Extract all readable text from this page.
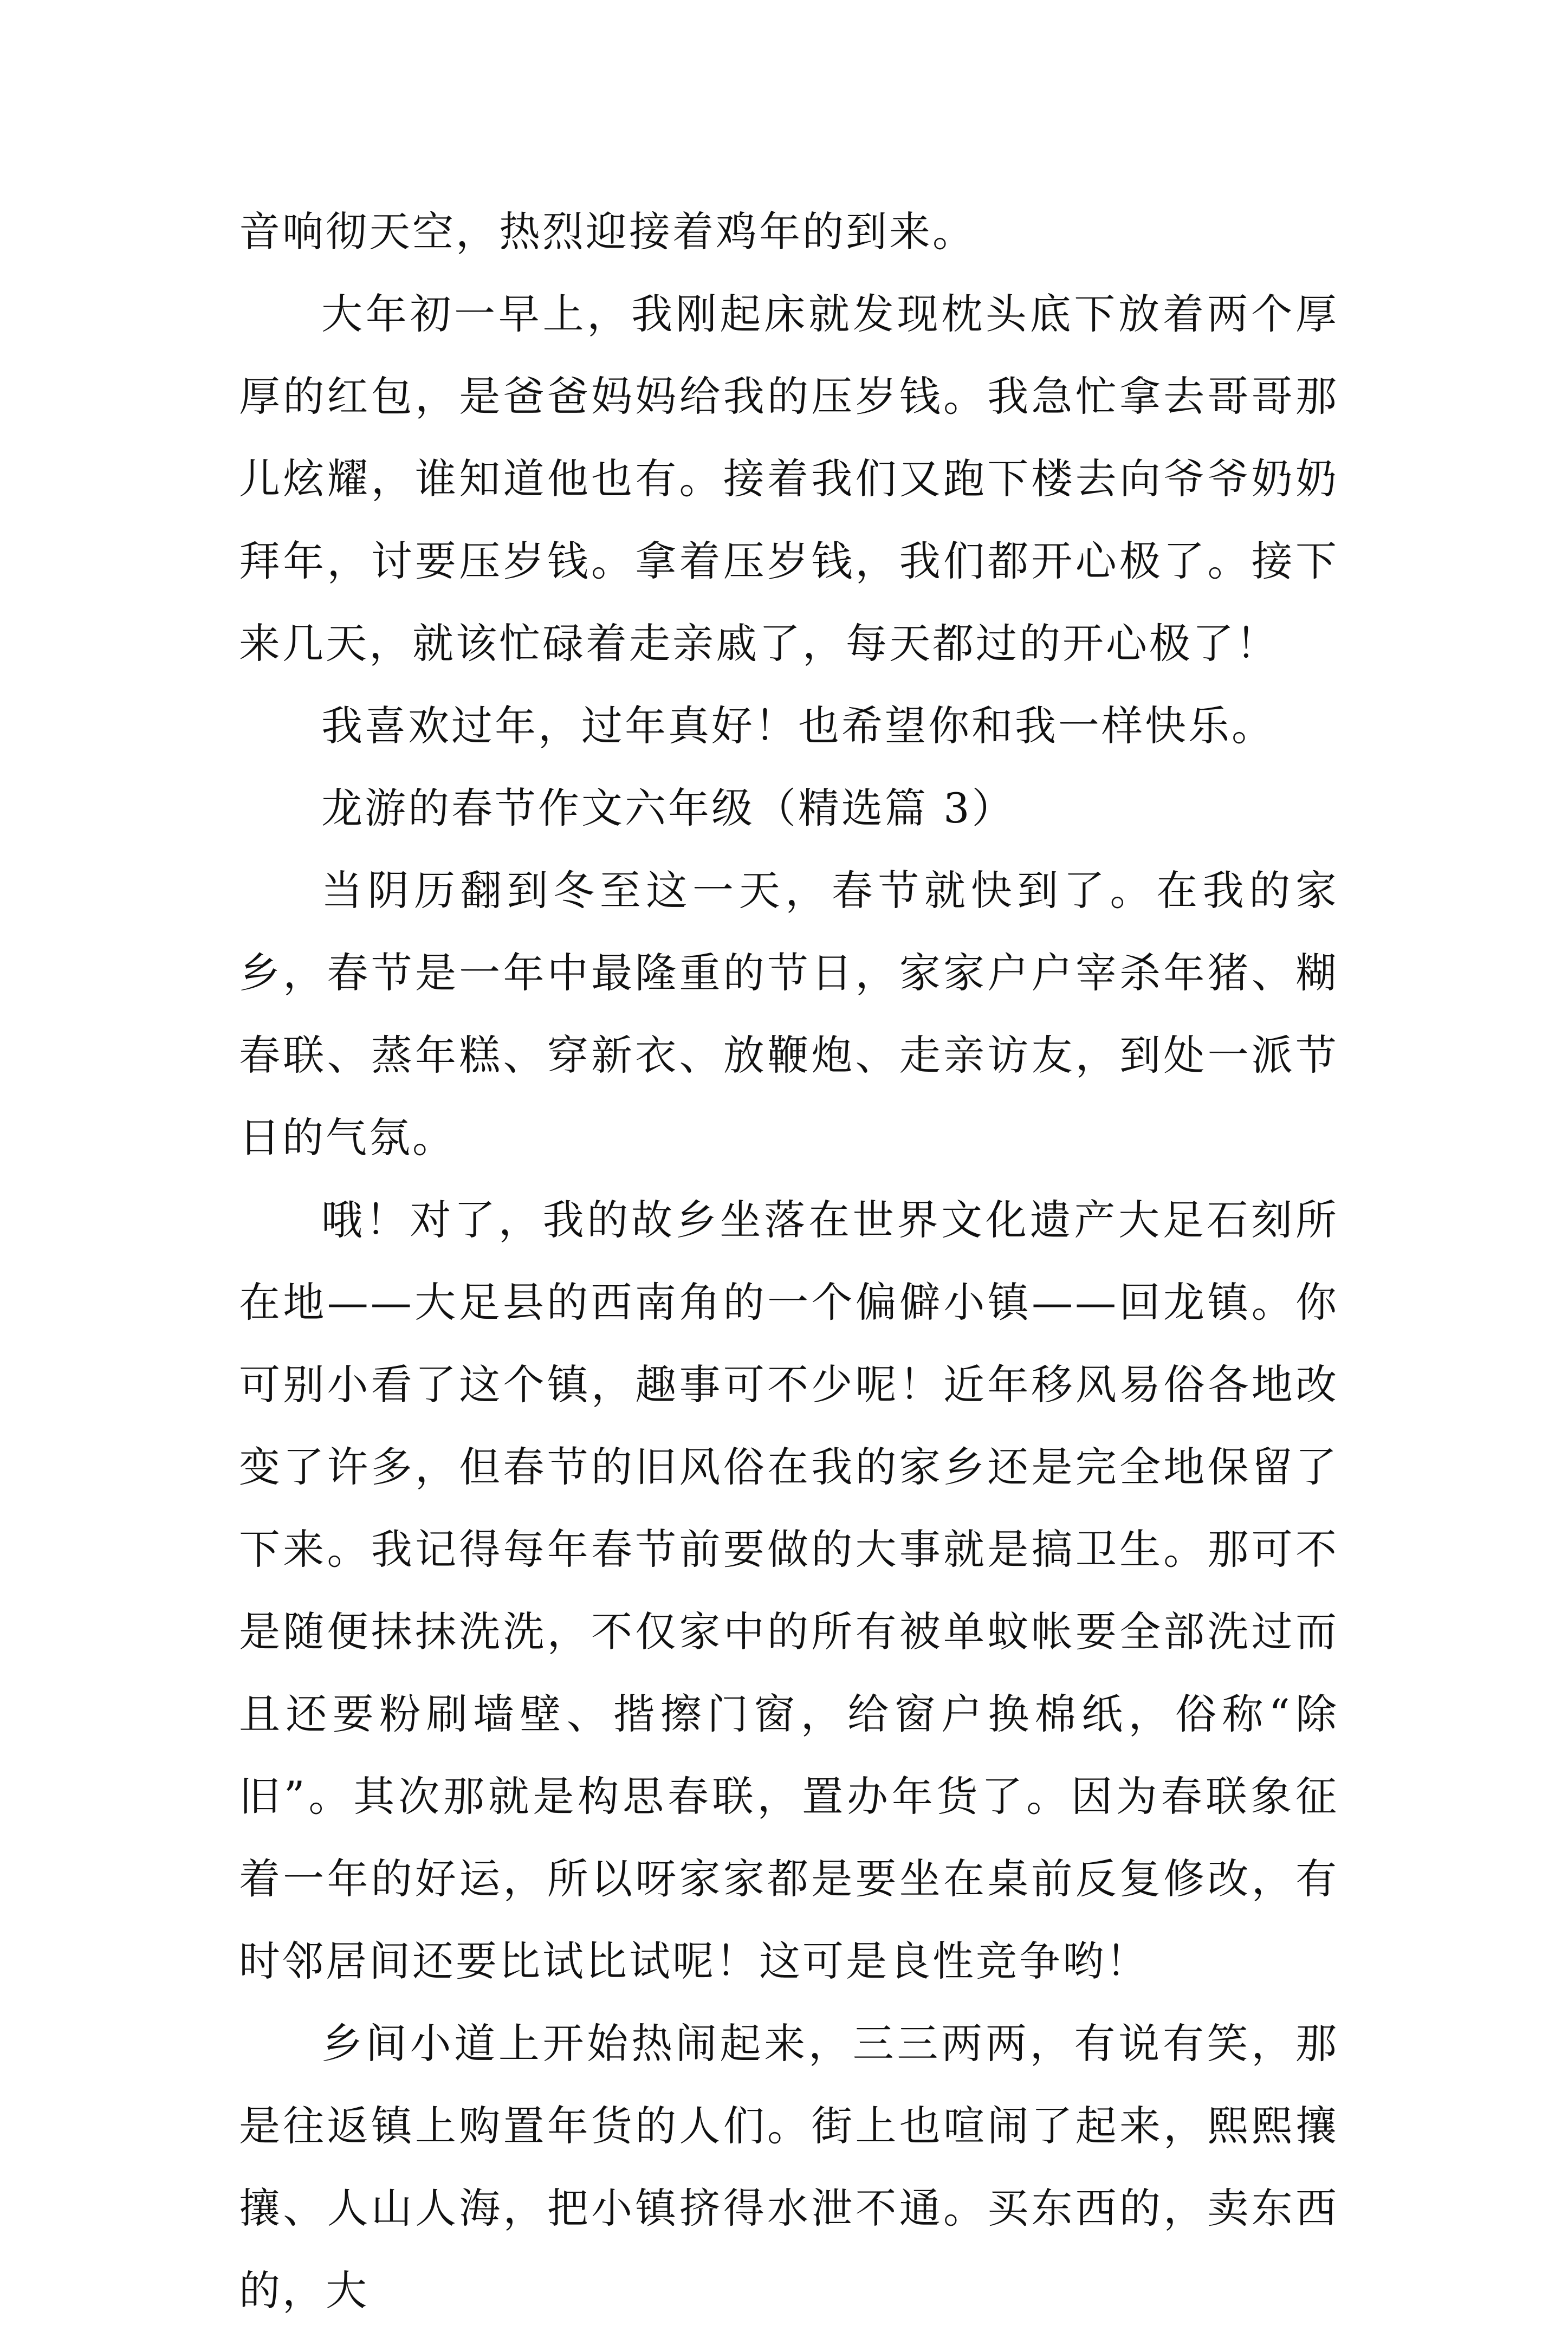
音响彻天空，热烈迎接着鸡年的到来。

大年初一早上，我刚起床就发现枕头底下放着两个厚厚的红包，是爸爸妈妈给我的压岁钱。我急忙拿去哥哥那儿炫耀，谁知道他也有。接着我们又跑下楼去向爷爷奶奶拜年，讨要压岁钱。拿着压岁钱，我们都开心极了。接下来几天，就该忙碌着走亲戚了，每天都过的开心极了！

我喜欢过年，过年真好！也希望你和我一样快乐。

龙游的春节作文六年级（精选篇 3）

当阴历翻到冬至这一天，春节就快到了。在我的家乡，春节是一年中最隆重的节日，家家户户宰杀年猪、糊春联、蒸年糕、穿新衣、放鞭炮、走亲访友，到处一派节日的气氛。

哦！对了，我的故乡坐落在世界文化遗产大足石刻所在地——大足县的西南角的一个偏僻小镇——回龙镇。你可别小看了这个镇，趣事可不少呢！近年移风易俗各地改变了许多，但春节的旧风俗在我的家乡还是完全地保留了下来。我记得每年春节前要做的大事就是搞卫生。那可不是随便抹抹洗洗，不仅家中的所有被单蚊帐要全部洗过而且还要粉刷墙壁、揩擦门窗，给窗户换棉纸，俗称“除旧”。其次那就是构思春联，置办年货了。因为春联象征着一年的好运，所以呀家家都是要坐在桌前反复修改，有时邻居间还要比试比试呢！这可是良性竞争哟！

乡间小道上开始热闹起来，三三两两，有说有笑，那是往返镇上购置年货的人们。街上也喧闹了起来，熙熙攘攘、人山人海，把小镇挤得水泄不通。买东西的，卖东西的，大
